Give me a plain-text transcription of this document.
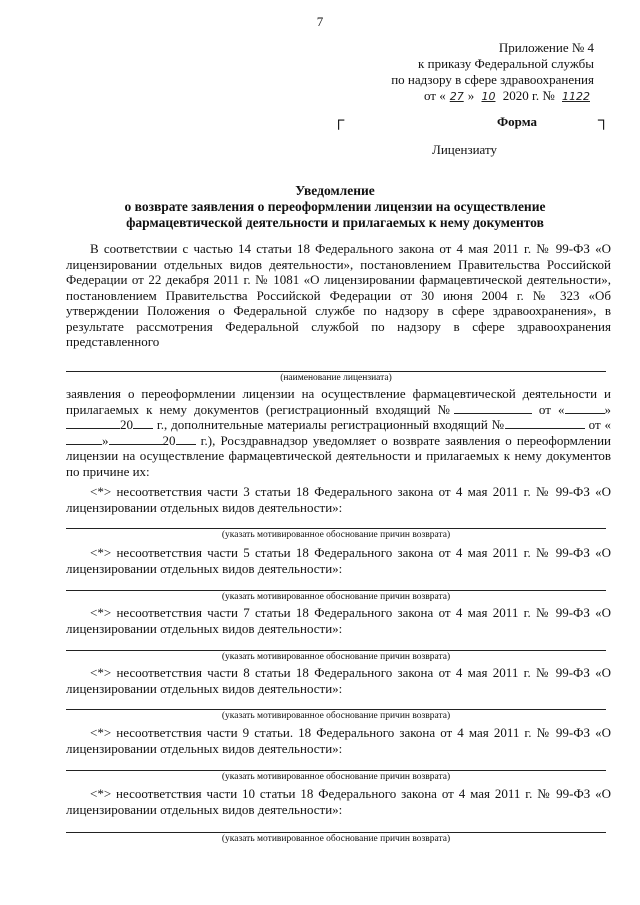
7
Приложение № 4
к приказу Федеральной службы
по надзору в сфере здравоохранения
от « 27 » 10 2020 г. № 1122
┌	Форма	┐
Лицензиату
Уведомление
о возврате заявления о переоформлении лицензии на осуществление
фармацевтической деятельности и прилагаемых к нему документов

В соответствии с частью 14 статьи 18 Федерального закона от 4 мая 2011 г. № 99-ФЗ «О лицензировании отдельных видов деятельности», постановлением Правительства Российской Федерации от 22 декабря 2011 г. № 1081 «О лицензировании фармацевтической деятельности», постановлением Правительства Российской Федерации от 30 июня 2004 г. № 323 «Об утверждении Положения о Федеральной службе по надзору в сфере здравоохранения», в результате рассмотрения Федеральной службой по надзору в сфере здравоохранения представленного

(наименование лицензиата)

заявления о переоформлении лицензии на осуществление фармацевтической деятельности и прилагаемых к нему документов (регистрационный входящий №	от «	»20 г., дополнительные материалы регистрационный входящий №	от «»	20 г.), Росздравнадзор уведомляет о возврате заявления о переоформлении лицензии на осуществление фармацевтической деятельности и прилагаемых к нему документов по причине их:

<*> несоответствия части 3 статьи 18 Федерального закона от 4 мая 2011 г. № 99-ФЗ «О лицензировании отдельных видов деятельности»:

(указать мотивированное обоснование причин возврата)

<*> несоответствия части 5 статьи 18 Федерального закона от 4 мая 2011 г. № 99-ФЗ «О лицензировании отдельных видов деятельности»:

(указать мотивированное обоснование причин возврата)

<*> несоответствия части 7 статьи 18 Федерального закона от 4 мая 2011 г. № 99-ФЗ «О лицензировании отдельных видов деятельности»:

(указать мотивированное обоснование причин возврата)

<*> несоответствия части 8 статьи 18 Федерального закона от 4 мая 2011 г. № 99-ФЗ «О лицензировании отдельных видов деятельности»:

(указать мотивированное обоснование причин возврата)

<*> несоответствия части 9 статьи. 18 Федерального закона от 4 мая 2011 г. № 99-ФЗ «О лицензировании отдельных видов деятельности»:

(указать мотивированное обоснование причин возврата)

<*> несоответствия части 10 статьи 18 Федерального закона от 4 мая 2011 г. № 99-ФЗ «О лицензировании отдельных видов деятельности»:

(указать мотивированное обоснование причин возврата)
